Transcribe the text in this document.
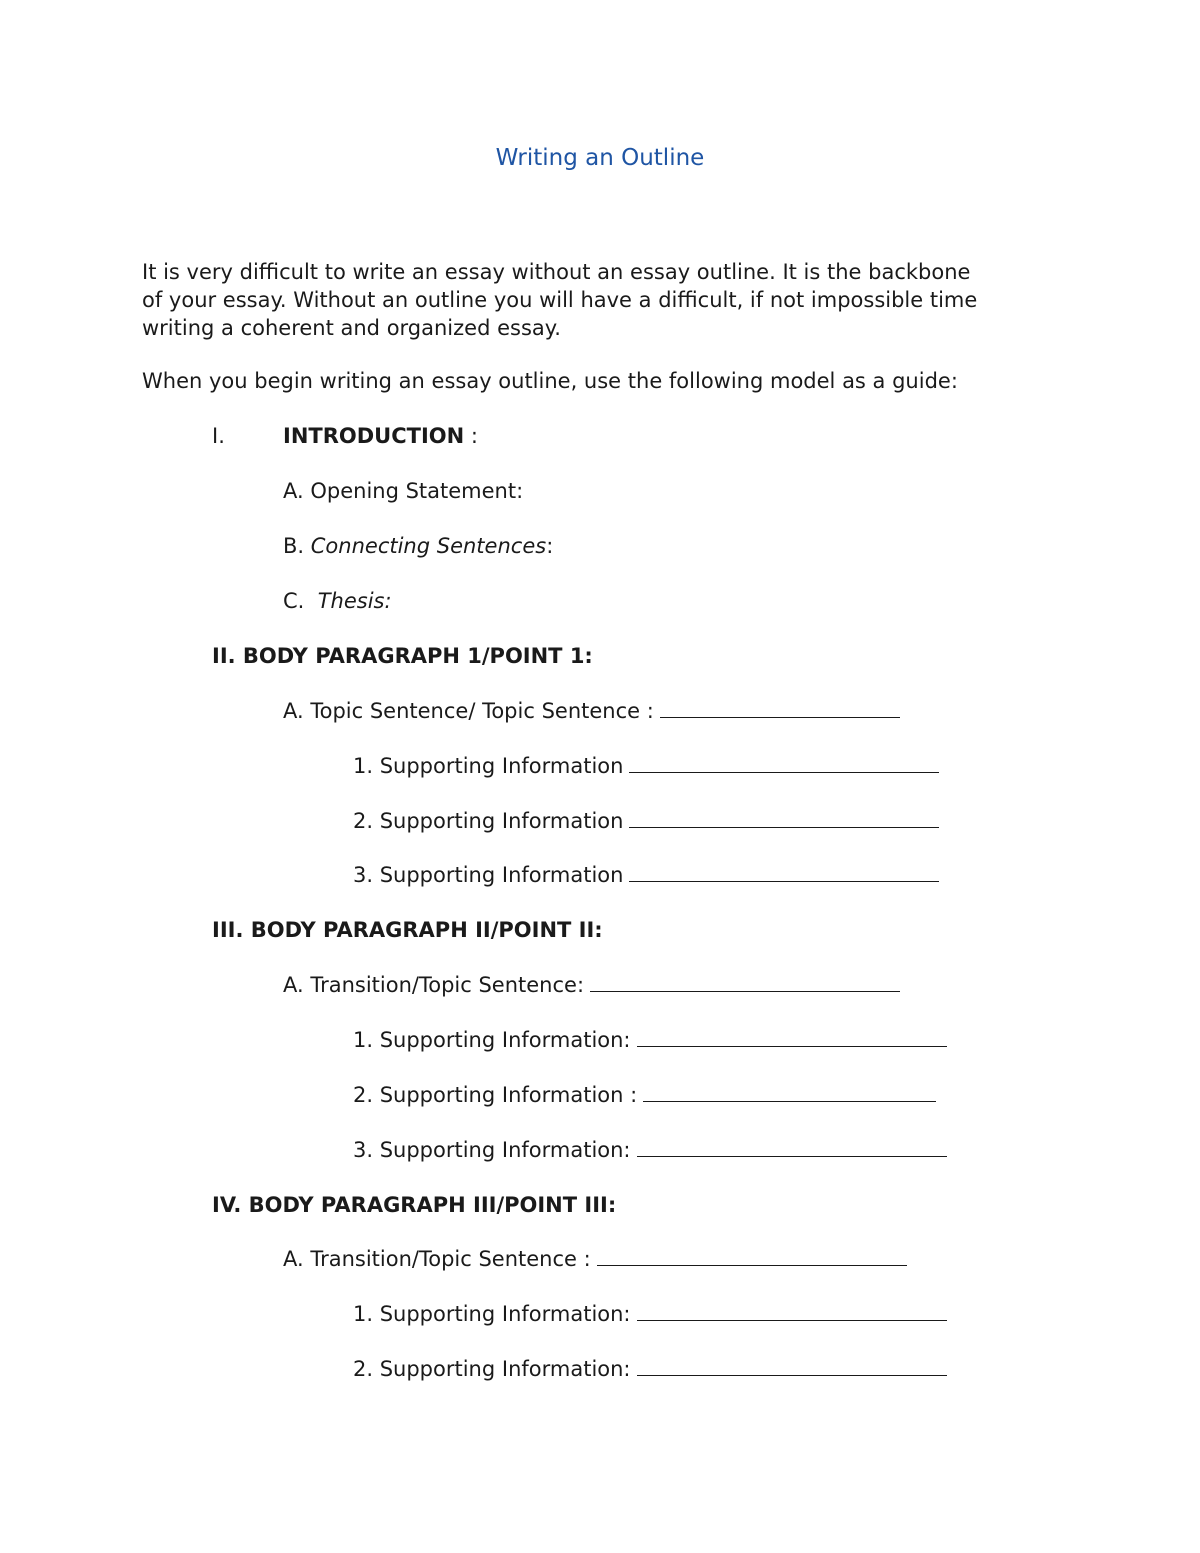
Writing an Outline

It is very difficult to write an essay without an essay outline. It is the backbone

of your essay. Without an outline you will have a difficult, if not impossible time

writing a coherent and organized essay.

When you begin writing an essay outline, use the following model as a guide:

I.	INTRODUCTION :
A. Opening Statement:
B. Connecting Sentences:
C.  Thesis:
II. BODY PARAGRAPH 1/POINT 1:
A. Topic Sentence/ Topic Sentence :
1. Supporting Information
2. Supporting Information
3. Supporting Information
III. BODY PARAGRAPH II/POINT II:
A. Transition/Topic Sentence:
1. Supporting Information:
2. Supporting Information :
3. Supporting Information:
IV. BODY PARAGRAPH III/POINT III:
A. Transition/Topic Sentence :
1. Supporting Information:
2. Supporting Information:
